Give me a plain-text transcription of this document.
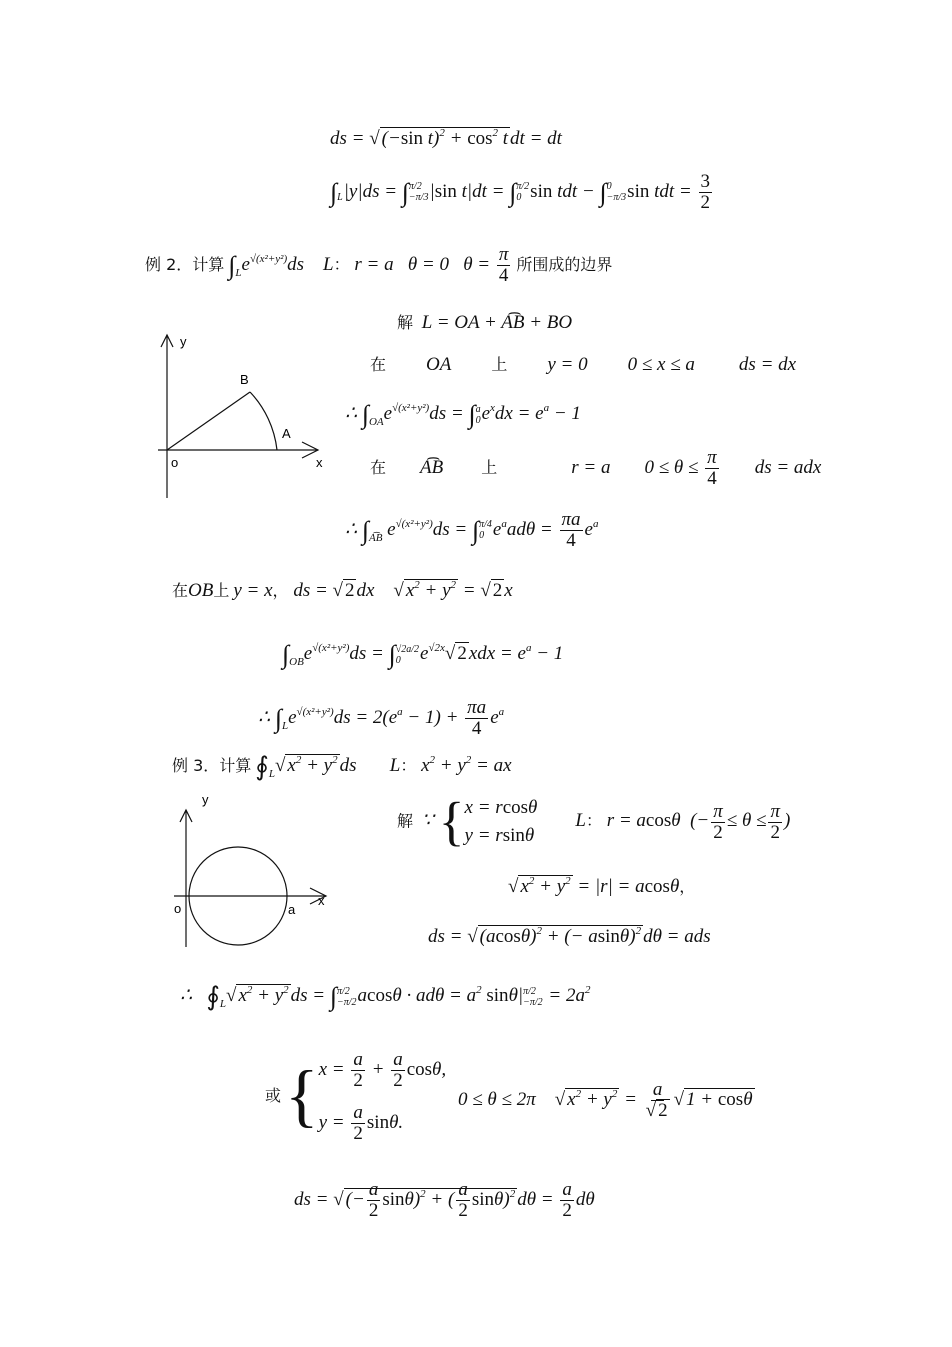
ds = √ (−sin $t)^2 + \cos^2 t$ dt = dt
∫
L |y|ds = ∫ π/2
−π/3 |sin t|dt = ∫ π/2
0 sin tdt − ∫ 0
−π/3 sin tdt = $\frac{3}{2}$
例 2．计算 $\int_Le^{√(x^2+y^2)}ds$    L： r = a   θ = 0   $\theta = \frac{\pi}{4}$ 所围成的边界
解  L = OA + A͡B + BO
y
B
A
o	x
在 OA	上 y = 0 0 ≤ x ≤ a ds = dx
∴ $\int_{OA}e^{√(x^2+y^2)}ds$ = ∫ a
0 $e^xdx = e^a - 1$
在 A͡B 上	r = a $0 \le \theta \le \frac{\pi}{4}$ ds = adx
∴ $\int_{A͡B}$ $e^{√(x^2+y^2)}ds$ = ∫ π/4
0 $e^aad\theta = \frac{\pi a}{4} e^a$
在OB上 y = x， ds = √ 2 dx    √ $x^2 + y^2$ = √ 2 x
$\int_{OB}e^{√(x^2+y^2)}ds$ = ∫ √2a/2
0	$e^{√2x}√$ 2 xdx = $e^a - 1$
∴ $\int_Le^{√(x^2+y^2)}ds = 2(e^a - 1) + \frac{\pi a}{4} e^a$
例 3．计算 $∮_L√$ $x^2 + y^2$ ds       L： $x^2 + y^2$ = ax
y
o	a
x
解  ∵ { x = rcosθ
y = rsinθ
L： r = acosθ  (− $\frac{\pi}{2} \le \theta \le \frac{\pi}{2}$ )
√ $x^2 + y^2 = |r| = acos\theta$，
ds = √ $(acos\theta)^2$ + (− asinθ)$^2$ dθ = ads
∴   $∮_L√$ $x^2 + y^2$ ds = ∫ π/2
−π/2 $acos\theta \cdot ad\theta = a^2$ sinθ| π/2
$-\pi/2 = 2a^2$
或 { $x = \frac{a}{2} + \frac{a}{2} \cos\theta$,
$y = \frac{a}{2} \sin\theta$.
0 ≤ θ ≤ 2π    √ $x^2 + y^2 = \frac{a}{√ 2}$ √ 1 + cosθ
ds = √ (− $\frac{a}{2} \sin\theta)^2$ + ( $\frac{a}{2} \sin\theta)^2$ $d\theta = \frac{a}{2}$ dθ
